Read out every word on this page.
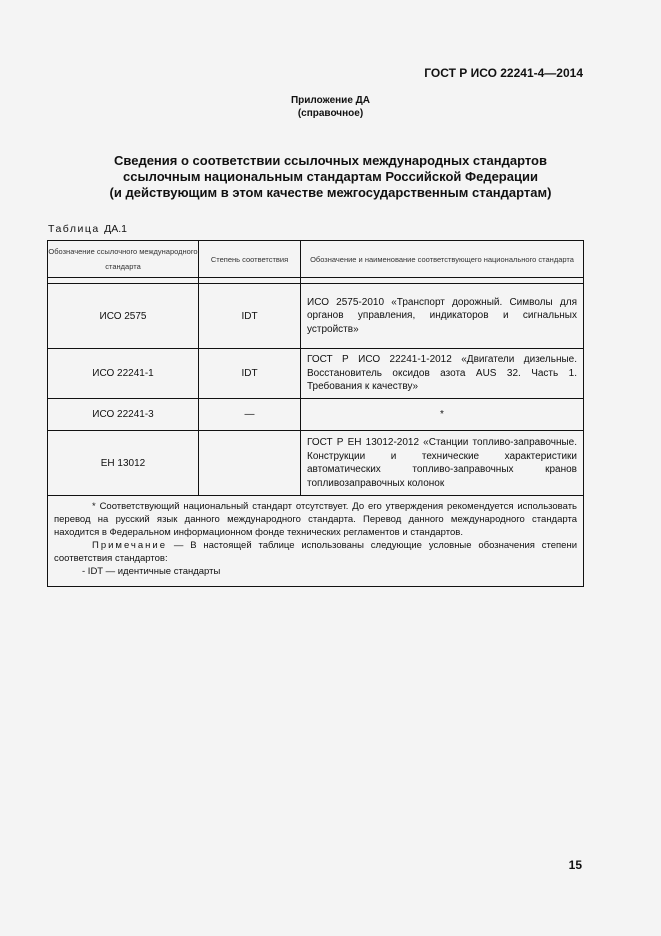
ГОСТ Р ИСО 22241-4—2014
Приложение ДА
(справочное)
Сведения о соответствии ссылочных международных стандартов
ссылочным национальным стандартам Российской Федерации
(и действующим в этом качестве межгосударственным стандартам)
Таблица ДА.1
Обозначение ссылочного международного стандарта	Степень соответствия	Обозначение и наименование соответствующего национального стандарта

ИСО 2575	IDT	ИСО 2575-2010 «Транспорт дорожный. Символы для органов управления, индикаторов и сигнальных устройств»
ИСО 22241-1	IDT	ГОСТ Р ИСО 22241-1-2012 «Двигатели дизельные. Восстановитель оксидов азота AUS 32. Часть 1. Требования к качеству»
ИСО 22241-3	—	*
ЕН 13012		ГОСТ Р ЕН 13012-2012 «Станции топливо-заправочные. Конструкции и технические характеристики автоматических топливо-заправочных кранов топливозаправочных колонок

* Соответствующий национальный стандарт отсутствует. До его утверждения рекомендуется использовать перевод на русский язык данного международного стандарта. Перевод данного международного стандарта находится в Федеральном информационном фонде технических регламентов и стандартов.

Примечание — В настоящей таблице использованы следующие условные обозначения степени соответствия стандартов:

- IDT — идентичные стандарты		

15
